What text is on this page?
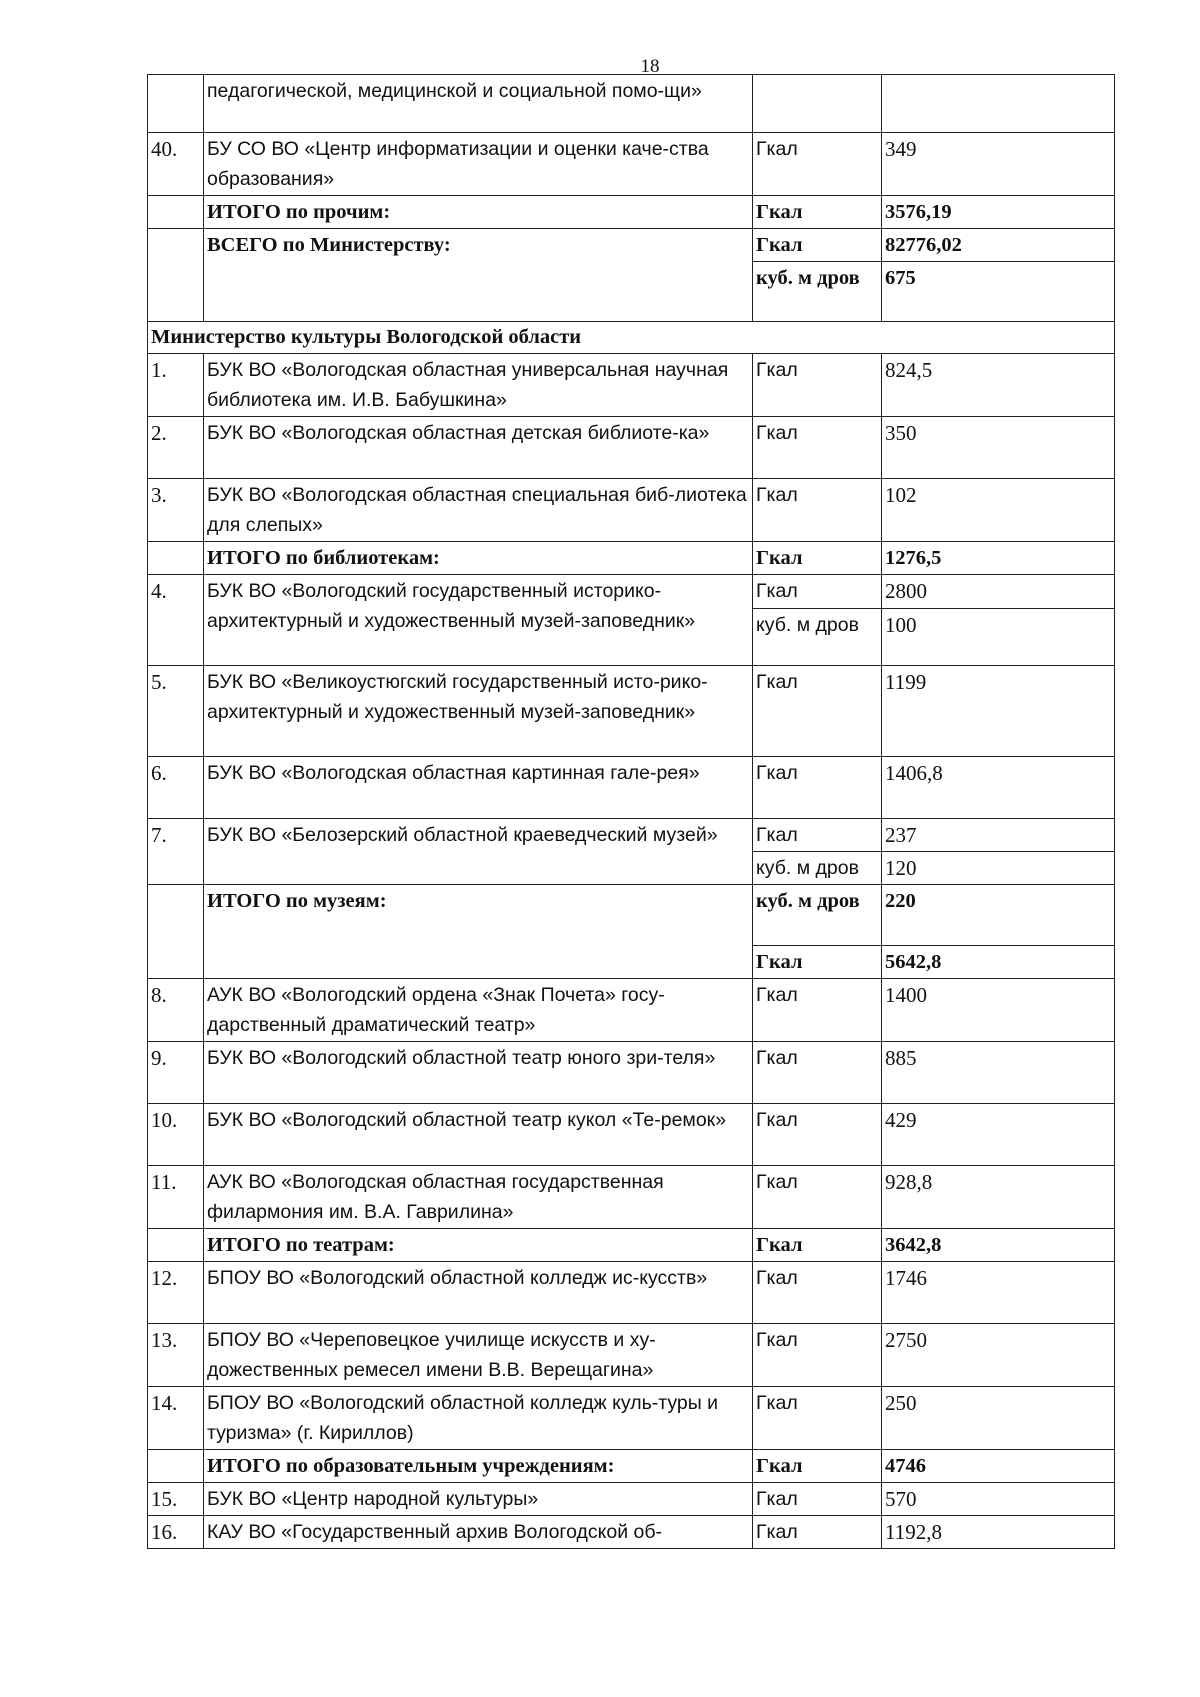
18
	педагогической, медицинской и социальной помо-щи»		
40.	БУ СО ВО «Центр информатизации и оценки каче-ства образования»	Гкал	349
	ИТОГО по прочим:	Гкал	3576,19
	ВСЕГО по Министерству:	Гкал	82776,02
		куб. м дров	675
Министерство культуры Вологодской области			
1.	БУК ВО «Вологодская областная универсальная научная библиотека им. И.В. Бабушкина»	Гкал	824,5
2.	БУК ВО «Вологодская областная детская библиоте-ка»	Гкал	350
3.	БУК ВО «Вологодская областная специальная биб-лиотека для слепых»	Гкал	102
	ИТОГО по библиотекам:	Гкал	1276,5
4.	БУК ВО «Вологодский государственный историко-архитектурный и художественный музей-заповедник»	Гкал	2800
		куб. м дров	100
5.	БУК ВО «Великоустюгский государственный исто-рико-архитектурный и художественный музей-заповедник»	Гкал	1199
6.	БУК ВО «Вологодская областная картинная гале-рея»	Гкал	1406,8
7.	БУК ВО «Белозерский областной краеведческий музей»	Гкал	237
		куб. м дров	120
	ИТОГО по музеям:	куб. м дров	220
		Гкал	5642,8
8.	АУК ВО «Вологодский ордена «Знак Почета» госу-дарственный драматический театр»	Гкал	1400
9.	БУК ВО «Вологодский областной театр юного зри-теля»	Гкал	885
10.	БУК ВО «Вологодский областной театр кукол «Те-ремок»	Гкал	429
11.	АУК ВО «Вологодская областная государственная филармония им. В.А. Гаврилина»	Гкал	928,8
	ИТОГО по театрам:	Гкал	3642,8
12.	БПОУ ВО «Вологодский областной колледж ис-кусств»	Гкал	1746
13.	БПОУ ВО «Череповецкое училище искусств и ху-дожественных ремесел имени В.В. Верещагина»	Гкал	2750
14.	БПОУ ВО «Вологодский областной колледж куль-туры и туризма» (г. Кириллов)	Гкал	250
	ИТОГО по образовательным учреждениям:	Гкал	4746
15.	БУК ВО «Центр народной культуры»	Гкал	570
16.	КАУ ВО «Государственный архив Вологодской об-	Гкал	1192,8
